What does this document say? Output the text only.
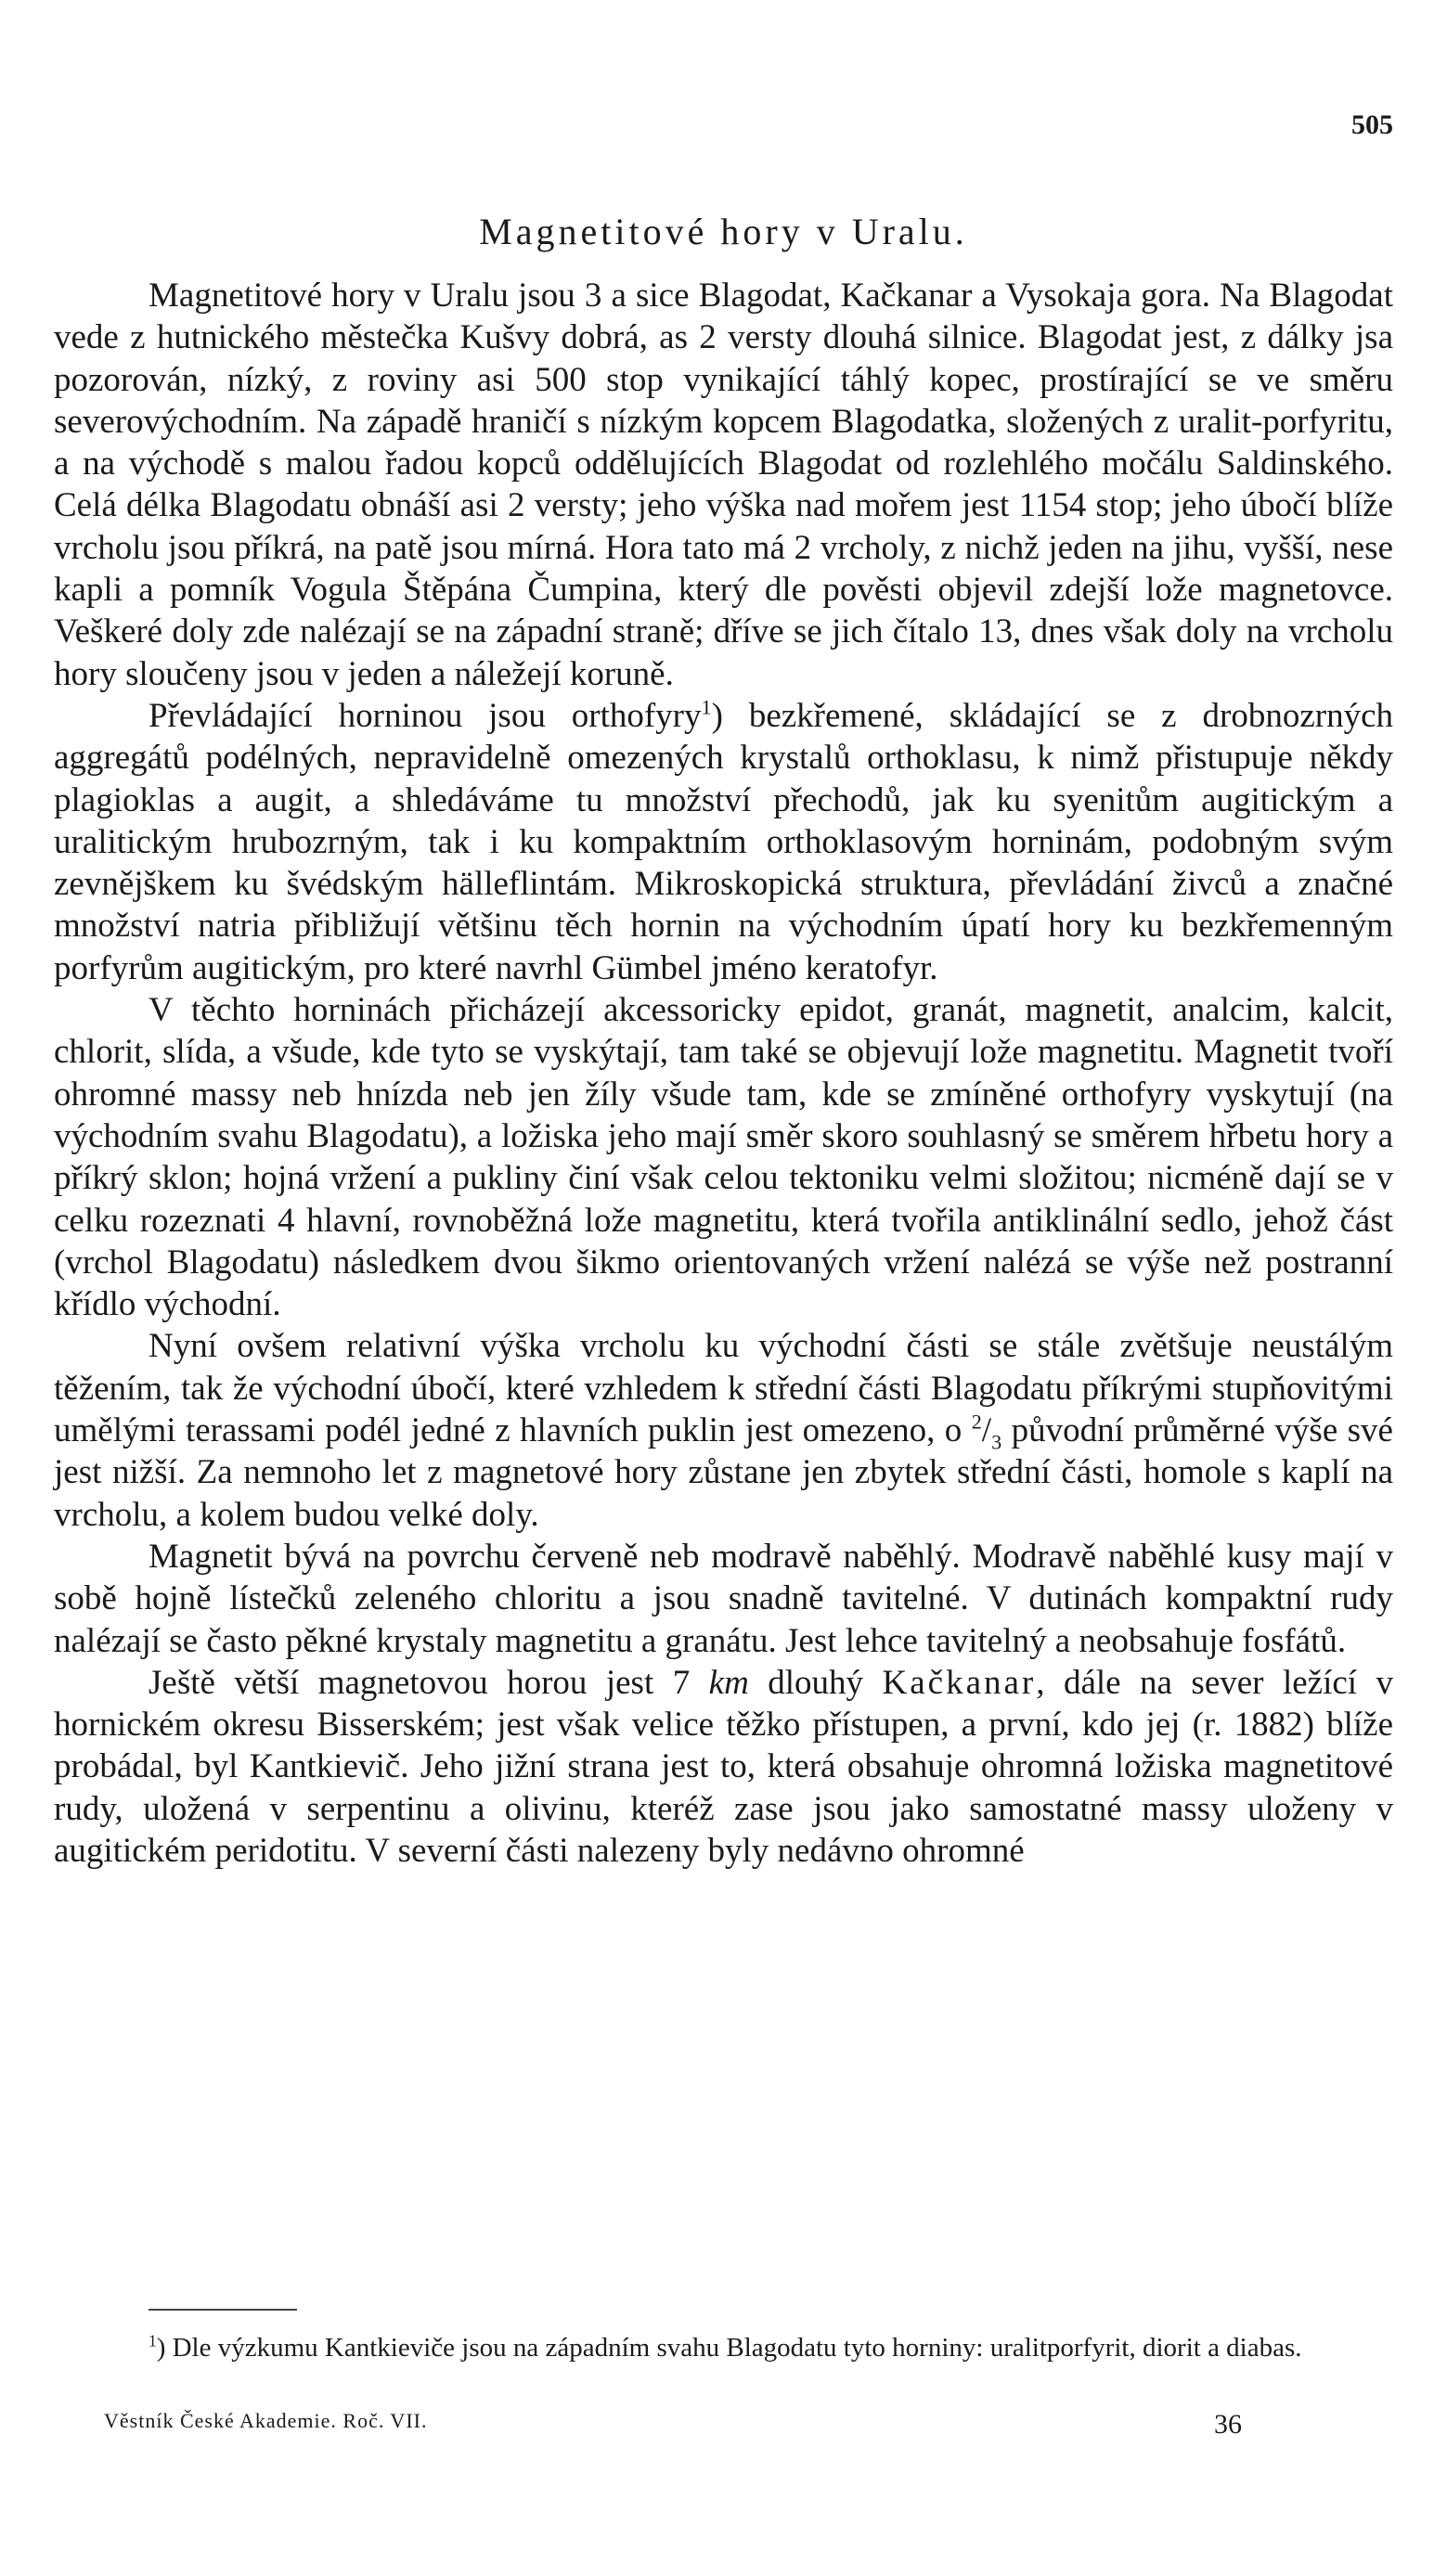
505
Magnetitové hory v Uralu.

Magnetitové hory v Uralu jsou 3 a sice Blagodat, Kačkanar a Vysokaja gora. Na Blagodat vede z hutnického městečka Kušvy dobrá, as 2 versty dlouhá silnice. Blagodat jest, z dálky jsa pozorován, nízký, z roviny asi 500 stop vynikající táhlý kopec, prostírající se ve směru severovýchodním. Na západě hraničí s nízkým kopcem Blagodatka, složených z uralit-porfyritu, a na východě s malou řadou kopců oddělujících Blagodat od rozlehlého močálu Saldinského. Celá délka Blagodatu obnáší asi 2 versty; jeho výška nad mořem jest 1154 stop; jeho úbočí blíže vrcholu jsou příkrá, na patě jsou mírná. Hora tato má 2 vrcholy, z nichž jeden na jihu, vyšší, nese kapli a pomník Vogula Štěpána Čumpina, který dle pověsti objevil zdejší lože magnetovce. Veškeré doly zde nalézají se na západní straně; dříve se jich čítalo 13, dnes však doly na vrcholu hory sloučeny jsou v jeden a náležejí koruně.

Převládající horninou jsou orthofyry$^1$) bezkřemené, skládající se z drobnozrných aggregátů podélných, nepravidelně omezených krystalů orthoklasu, k nimž přistupuje někdy plagioklas a augit, a shledáváme tu množství přechodů, jak ku syenitům augitickým a uralitickým hrubozrným, tak i ku kompaktním orthoklasovým horninám, podobným svým zevnějškem ku švédským hälleflintám. Mikroskopická struktura, převládání živců a značné množství natria přibližují většinu těch hornin na východním úpatí hory ku bezkřemenným porfyrům augitickým, pro které navrhl Gümbel jméno keratofyr.

V těchto horninách přicházejí akcessoricky epidot, granát, magnetit, analcim, kalcit, chlorit, slída, a všude, kde tyto se vyskýtají, tam také se objevují lože magnetitu. Magnetit tvoří ohromné massy neb hnízda neb jen žíly všude tam, kde se zmíněné orthofyry vyskytují (na východním svahu Blagodatu), a ložiska jeho mají směr skoro souhlasný se směrem hřbetu hory a příkrý sklon; hojná vržení a pukliny činí však celou tektoniku velmi složitou; nicméně dají se v celku rozeznati 4 hlavní, rovnoběžná lože magnetitu, která tvořila antiklinální sedlo, jehož část (vrchol Blagodatu) následkem dvou šikmo orientovaných vržení nalézá se výše než postranní křídlo východní.

Nyní ovšem relativní výška vrcholu ku východní části se stále zvětšuje neustálým těžením, tak že východní úbočí, které vzhledem k střední části Blagodatu příkrými stupňovitými umělými terassami podél jedné z hlavních puklin jest omezeno, o $^2/_3$ původní průměrné výše své jest nižší. Za nemnoho let z magnetové hory zůstane jen zbytek střední části, homole s kaplí na vrcholu, a kolem budou velké doly.

Magnetit bývá na povrchu červeně neb modravě naběhlý. Modravě naběhlé kusy mají v sobě hojně lístečků zeleného chloritu a jsou snadně tavitelné. V dutinách kompaktní rudy nalézají se často pěkné krystaly magnetitu a granátu. Jest lehce tavitelný a neobsahuje fosfátů.

Ještě větší magnetovou horou jest 7 km dlouhý Kačkanar, dále na sever ležící v hornickém okresu Bisserském; jest však velice těžko přístupen, a první, kdo jej (r. 1882) blíže probádal, byl Kantkievič. Jeho jižní strana jest to, která obsahuje ohromná ložiska magnetitové rudy, uložená v serpentinu a olivinu, kteréž zase jsou jako samostatné massy uloženy v augitickém peridotitu. V severní části nalezeny byly nedávno ohromné

$^1$) Dle výzkumu Kantkieviče jsou na západním svahu Blagodatu tyto horniny: uralitporfyrit, diorit a diabas.

Věstník České Akademie. Roč. VII.	36
